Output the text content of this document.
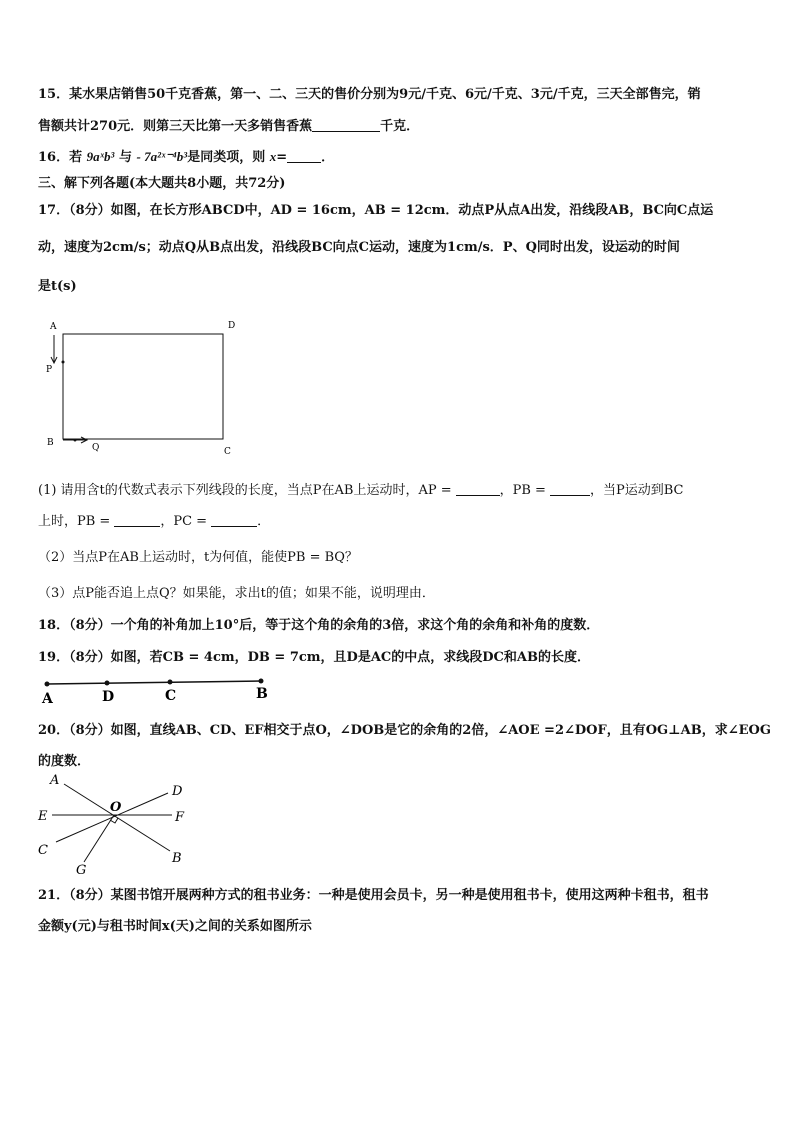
15．某水果店销售50千克香蕉，第一、二、三天的售价分别为9元/千克、6元/千克、3元/千克，三天全部售完，销
售额共计270元．则第三天比第一天多销售香蕉	千克．
16．若 9aˣb³ 与 - 7a²ˣ⁻⁴b³是同类项，则 x=	．
三、解下列各题(本大题共8小题，共72分)
17．（8分）如图，在长方形ABCD中，AD = 16cm，AB = 12cm．动点P从点A出发，沿线段AB，BC向C点运
动，速度为2cm/s；动点Q从B点出发，沿线段BC向点C运动，速度为1cm/s．P、Q同时出发，设运动的时间
是t(s)
A	D
P
B	Q	C
(1) 请用含t的代数式表示下列线段的长度，当点P在AB上运动时，AP =	，PB =	，当P运动到BC
上时，PB =	，PC =	．
（2）当点P在AB上运动时，t为何值，能使PB = BQ？
（3）点P能否追上点Q？如果能，求出t的值；如果不能，说明理由．
18．（8分）一个角的补角加上10°后，等于这个角的余角的3倍，求这个角的余角和补角的度数．
19．（8分）如图，若CB = 4cm，DB = 7cm，且D是AC的中点，求线段DC和AB的长度．
A	D	C	B
20．（8分）如图，直线AB、CD、EF相交于点O，∠DOB是它的余角的2倍，∠AOE =2∠DOF，且有OG⊥AB，求∠EOG
的度数．
A
D
E
O
F
C
G
B
21．（8分）某图书馆开展两种方式的租书业务：一种是使用会员卡，另一种是使用租书卡，使用这两种卡租书，租书
金额y(元)与租书时间x(天)之间的关系如图所示
